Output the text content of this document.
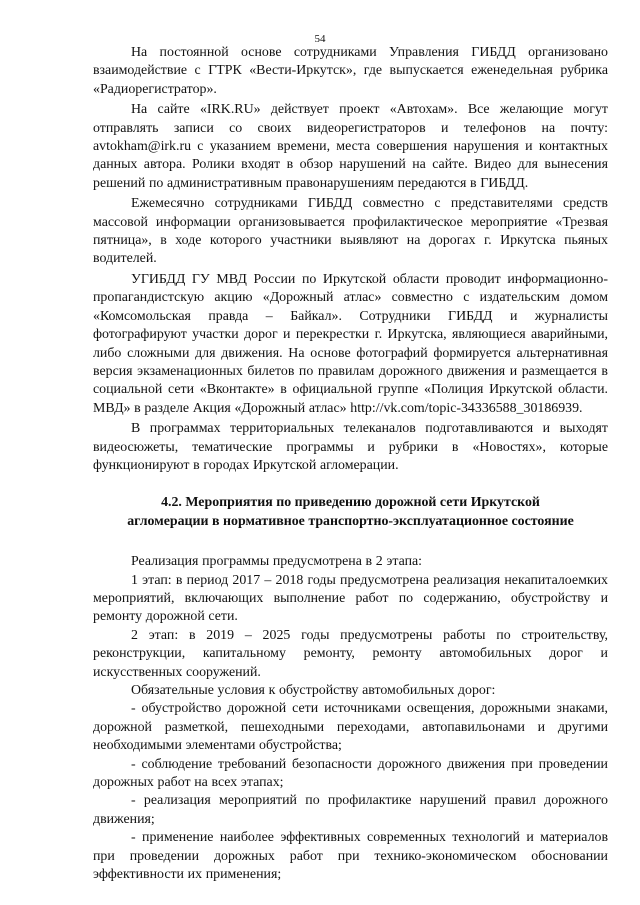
54

На постоянной основе сотрудниками Управления ГИБДД организовано взаимодействие с ГТРК «Вести-Иркутск», где выпускается еженедельная рубрика «Радиорегистратор».

На сайте «IRK.RU» действует проект «Автохам». Все желающие могут отправлять записи со своих видеорегистраторов и телефонов на почту: avtokham@irk.ru с указанием времени, места совершения нарушения и контактных данных автора. Ролики входят в обзор нарушений на сайте. Видео для вынесения решений по административным правонарушениям передаются в ГИБДД.

Ежемесячно сотрудниками ГИБДД совместно с представителями средств массовой информации организовывается профилактическое мероприятие «Трезвая пятница», в ходе которого участники выявляют на дорогах г. Иркутска пьяных водителей.

УГИБДД ГУ МВД России по Иркутской области проводит информационно-пропагандистскую акцию «Дорожный атлас» совместно с издательским домом «Комсомольская правда – Байкал». Сотрудники ГИБДД и журналисты фотографируют участки дорог и перекрестки г. Иркутска, являющиеся аварийными, либо сложными для движения. На основе фотографий формируется альтернативная версия экзаменационных билетов по правилам дорожного движения и размещается в социальной сети «Вконтакте» в официальной группе «Полиция Иркутской области. МВД» в разделе Акция «Дорожный атлас» http://vk.com/topic-34336588_30186939.

В программах территориальных телеканалов подготавливаются и выходят видеосюжеты, тематические программы и рубрики в «Новостях», которые функционируют в городах Иркутской агломерации.

4.2. Мероприятия по приведению дорожной сети Иркутской
агломерации в нормативное транспортно-эксплуатационное состояние

Реализация программы предусмотрена в 2 этапа:

1 этап: в период 2017 – 2018 годы предусмотрена реализация некапиталоемких мероприятий, включающих выполнение работ по содержанию, обустройству и ремонту дорожной сети.

2 этап: в 2019 – 2025 годы предусмотрены работы по строительству, реконструкции, капитальному ремонту, ремонту автомобильных дорог и искусственных сооружений.

Обязательные условия к обустройству автомобильных дорог:

- обустройство дорожной сети источниками освещения, дорожными знаками, дорожной разметкой, пешеходными переходами, автопавильонами и другими необходимыми элементами обустройства;

- соблюдение требований безопасности дорожного движения при проведении дорожных работ на всех этапах;

- реализация мероприятий по профилактике нарушений правил дорожного движения;

- применение наиболее эффективных современных технологий и материалов при проведении дорожных работ при технико-экономическом обосновании эффективности их применения;
